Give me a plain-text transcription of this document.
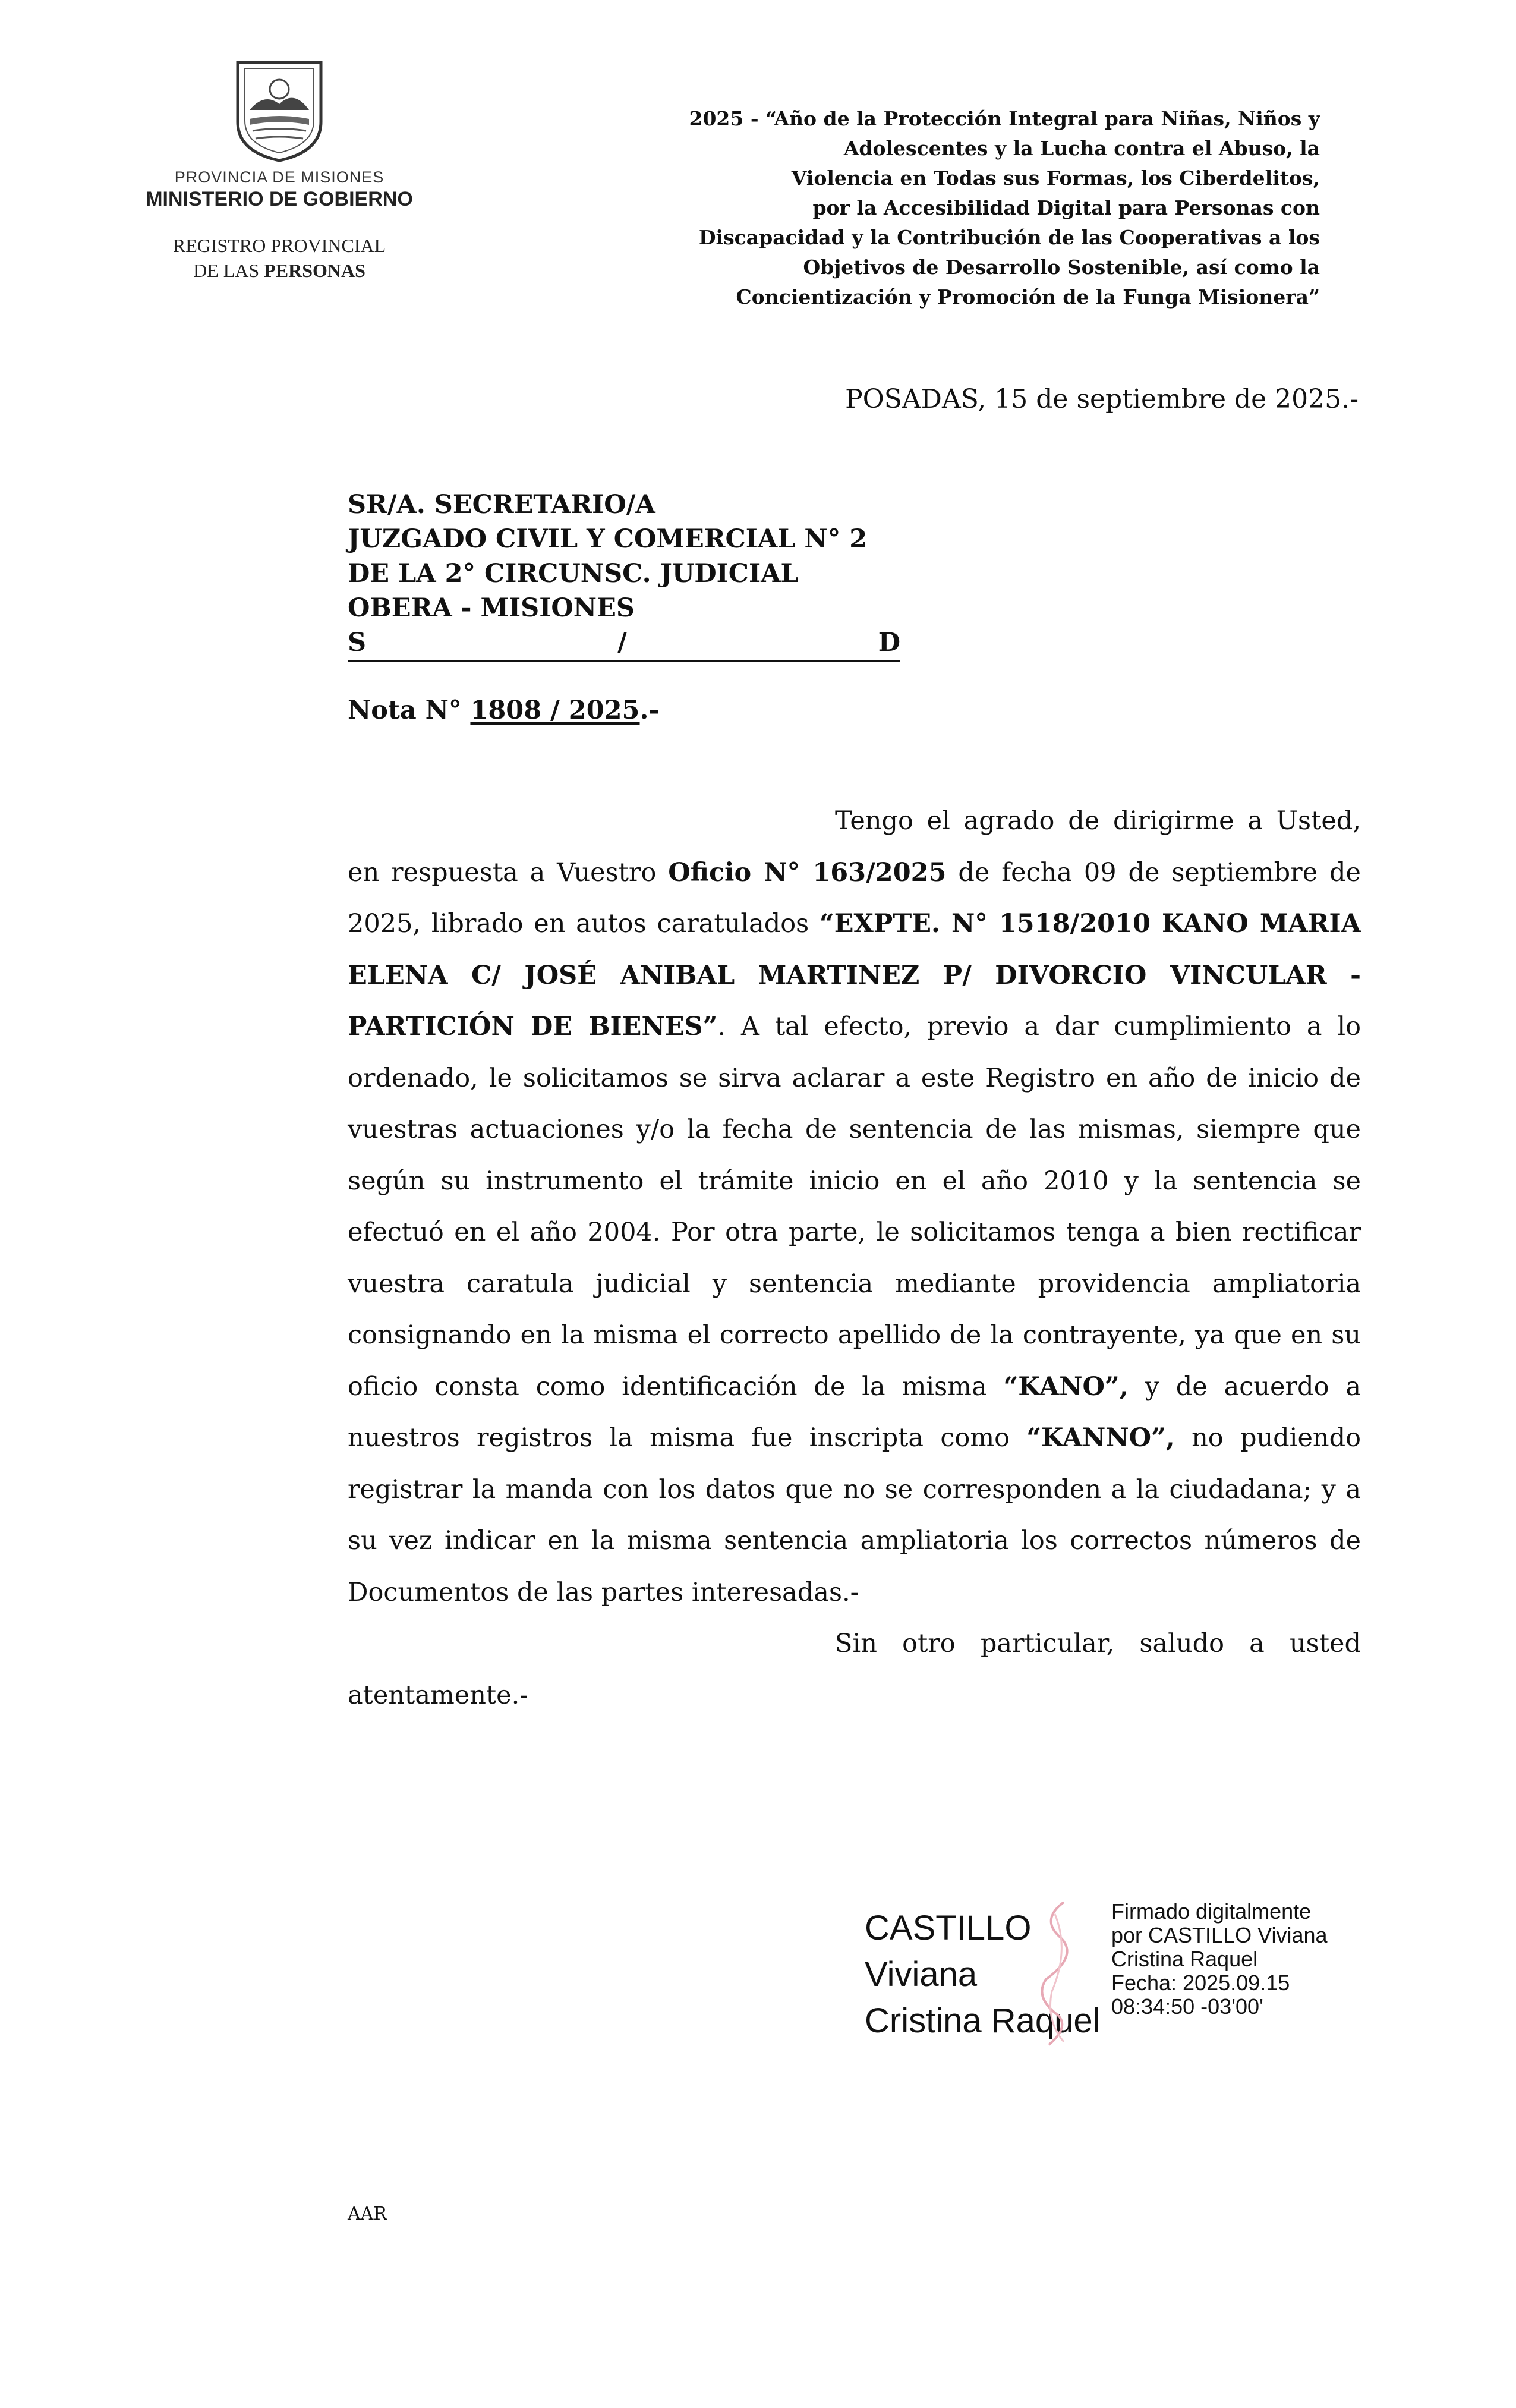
PROVINCIA DE MISIONES
MINISTERIO DE GOBIERNO
REGISTRO PROVINCIAL
DE LAS PERSONAS
2025 - “Año de la Protección Integral para Niñas, Niños y
Adolescentes y la Lucha contra el Abuso, la
Violencia en Todas sus Formas, los Ciberdelitos,
por la Accesibilidad Digital para Personas con
Discapacidad y la Contribución de las Cooperativas a los
Objetivos de Desarrollo Sostenible, así como la
Concientización y Promoción de la Funga Misionera”
POSADAS, 15 de septiembre de 2025.-
SR/A. SECRETARIO/A
JUZGADO CIVIL Y COMERCIAL N° 2
DE LA 2° CIRCUNSC. JUDICIAL
OBERA - MISIONES
S	/	D
Nota N° 1808 / 2025.-

Tengo el agrado de dirigirme a Usted, en respuesta a Vuestro Oficio N° 163/2025 de fecha 09 de septiembre de 2025, librado en autos caratulados “EXPTE. N° 1518/2010 KANO MARIA ELENA C/ JOSÉ ANIBAL MARTINEZ P/ DIVORCIO VINCULAR - PARTICIÓN DE BIENES”. A tal efecto, previo a dar cumplimiento a lo ordenado, le solicitamos se sirva aclarar a este Registro en año de inicio de vuestras actuaciones y/o la fecha de sentencia de las mismas, siempre que según su instrumento el trámite inicio en el año 2010 y la sentencia se efectuó en el año 2004. Por otra parte, le solicitamos tenga a bien rectificar vuestra caratula judicial y sentencia mediante providencia ampliatoria consignando en la misma el correcto apellido de la contrayente, ya que en su oficio consta como identificación de la misma “KANO”, y de acuerdo a nuestros registros la misma fue inscripta como “KANNO”, no pudiendo registrar la manda con los datos que no se corresponden a la ciudadana; y a su vez indicar en la misma sentencia ampliatoria los correctos números de Documentos de las partes interesadas.-

Sin otro particular, saludo a usted atentamente.-

CASTILLO
Viviana
Cristina Raquel
Firmado digitalmente
por CASTILLO Viviana
Cristina Raquel
Fecha: 2025.09.15
08:34:50 -03'00'
AAR
